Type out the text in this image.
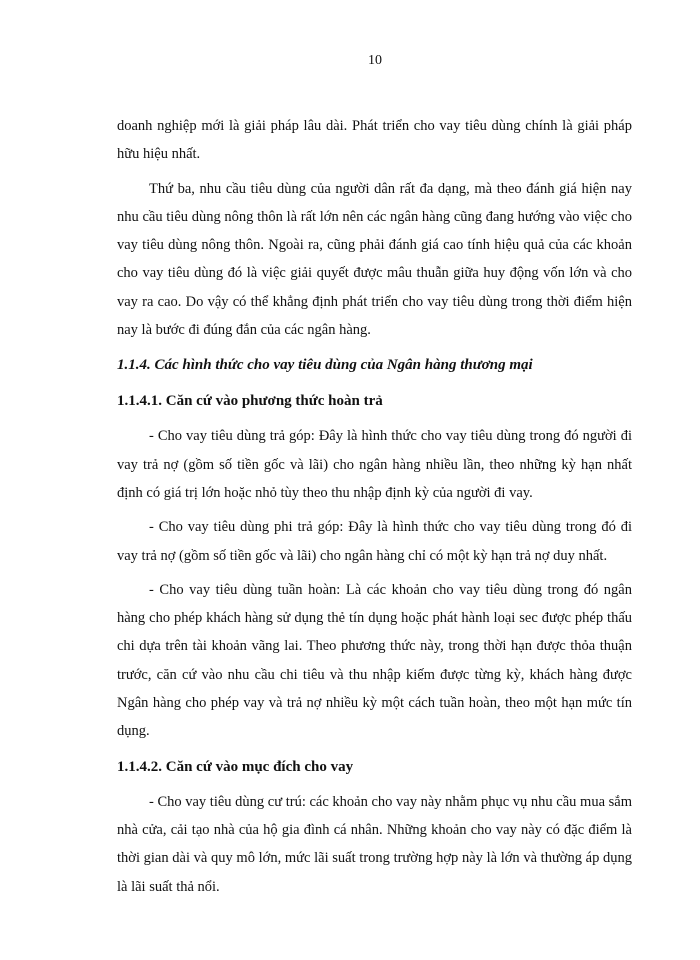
10

doanh nghiệp mới là giải pháp lâu dài. Phát triển cho vay tiêu dùng chính là giải pháp hữu hiệu nhất.

Thứ ba, nhu cầu tiêu dùng của người dân rất đa dạng, mà theo đánh giá hiện nay nhu cầu tiêu dùng nông thôn là rất lớn nên các ngân hàng cũng đang hướng vào việc cho vay tiêu dùng nông thôn. Ngoài ra, cũng phải đánh giá cao tính hiệu quả của các khoản cho vay tiêu dùng đó là việc giải quyết được mâu thuẫn giữa huy động vốn lớn và cho vay ra cao. Do vậy có thể khẳng định phát triển cho vay tiêu dùng trong thời điểm hiện nay là bước đi đúng đắn của các ngân hàng.

1.1.4. Các hình thức cho vay tiêu dùng của Ngân hàng thương mại
1.1.4.1. Căn cứ vào phương thức hoàn trả

- Cho vay tiêu dùng trả góp: Đây là hình thức cho vay tiêu dùng trong đó người đi vay trả nợ (gồm số tiền gốc và lãi) cho ngân hàng nhiều lần, theo những kỳ hạn nhất định có giá trị lớn hoặc nhỏ tùy theo thu nhập định kỳ của người đi vay.

- Cho vay tiêu dùng phi trả góp: Đây là hình thức cho vay tiêu dùng trong đó đi vay trả nợ (gồm số tiền gốc và lãi) cho ngân hàng chỉ có một kỳ hạn trả nợ duy nhất.

- Cho vay tiêu dùng tuần hoàn: Là các khoản cho vay tiêu dùng trong đó ngân hàng cho phép khách hàng sử dụng thẻ tín dụng hoặc phát hành loại sec được phép thấu chi dựa trên tài khoản vãng lai. Theo phương thức này, trong thời hạn được thỏa thuận trước, căn cứ vào nhu cầu chi tiêu và thu nhập kiếm được từng kỳ, khách hàng được Ngân hàng cho phép vay và trả nợ nhiều kỳ một cách tuần hoàn, theo một hạn mức tín dụng.

1.1.4.2. Căn cứ vào mục đích cho vay

- Cho vay tiêu dùng cư trú: các khoản cho vay này nhằm phục vụ nhu cầu mua sắm nhà cửa, cải tạo nhà của hộ gia đình cá nhân. Những khoản cho vay này có đặc điểm là thời gian dài và quy mô lớn, mức lãi suất trong trường hợp này là lớn và thường áp dụng là lãi suất thả nổi.
